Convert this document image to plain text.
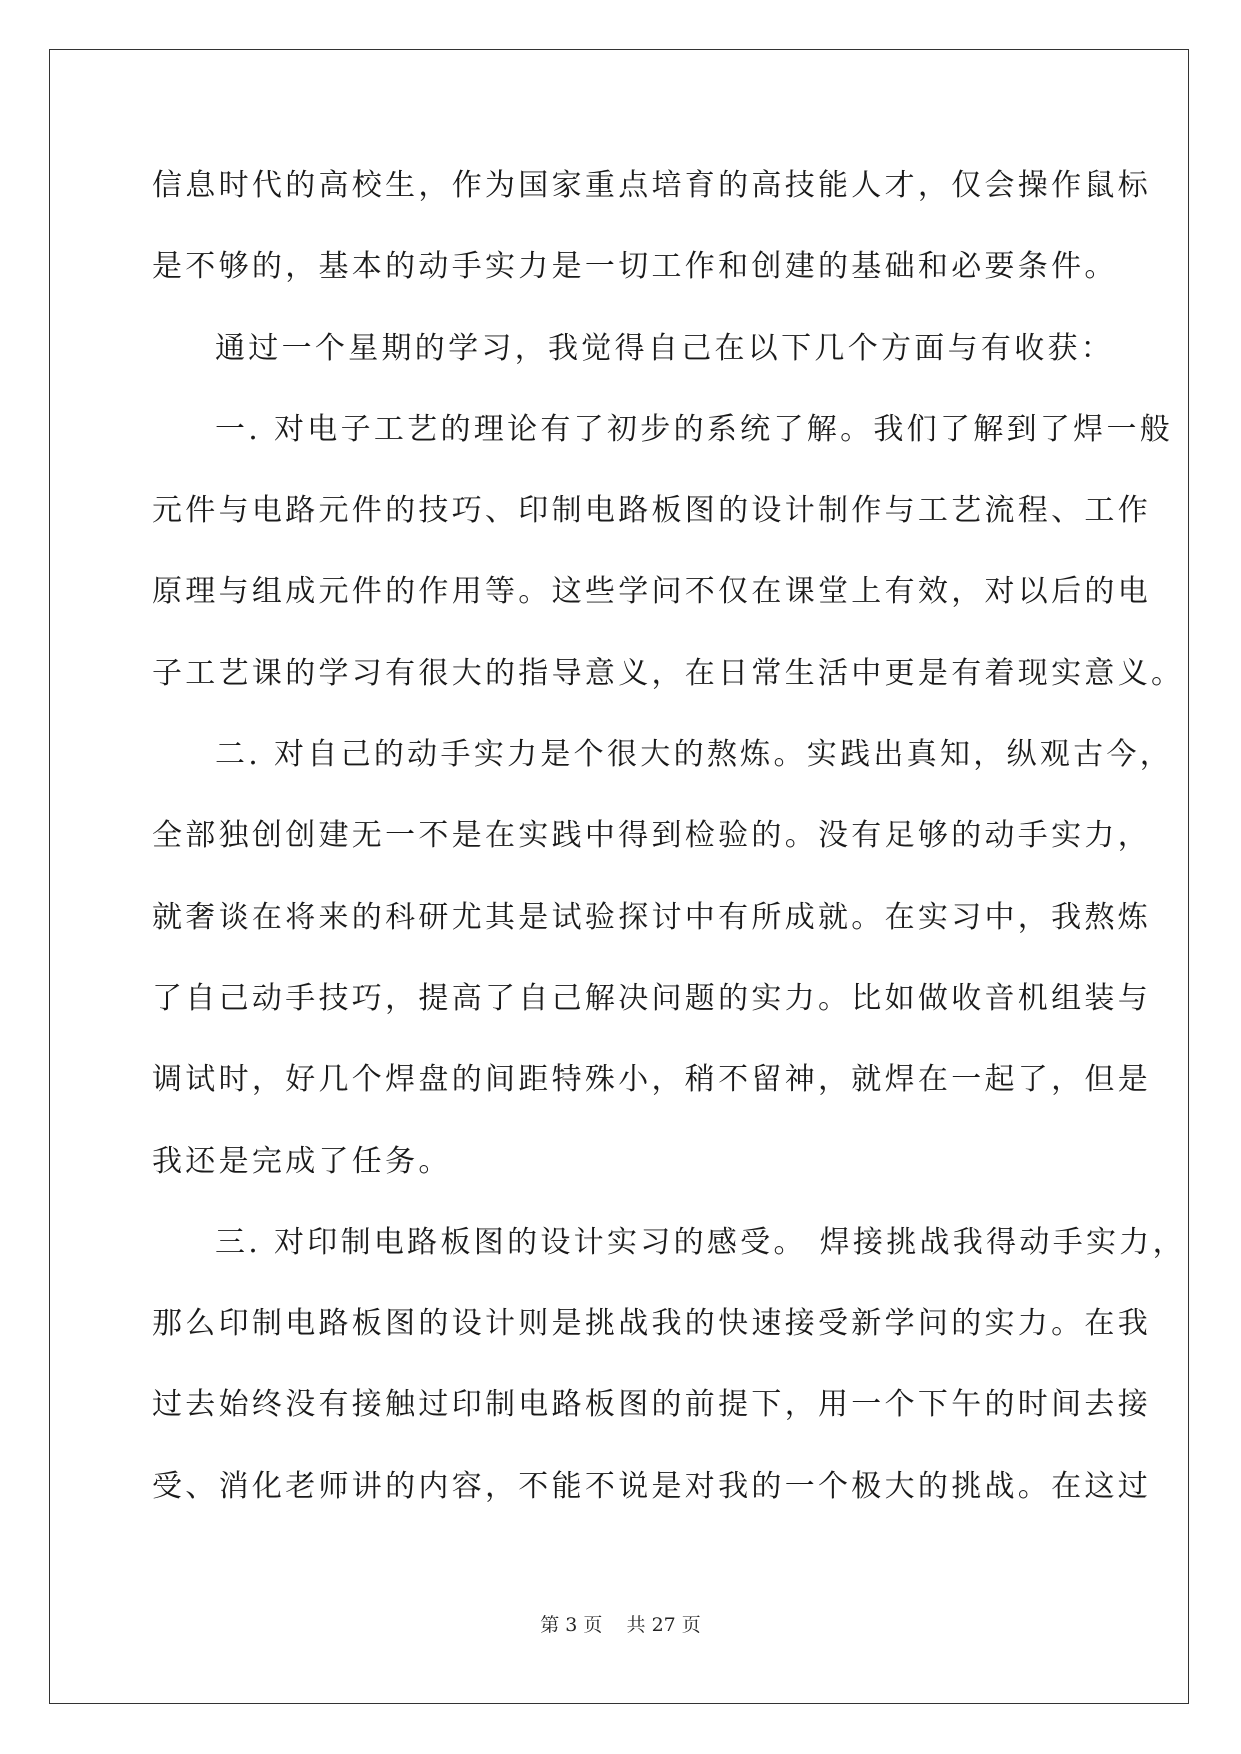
信息时代的高校生，作为国家重点培育的高技能人才，仅会操作鼠标
是不够的，基本的动手实力是一切工作和创建的基础和必要条件。
通过一个星期的学习，我觉得自己在以下几个方面与有收获：
一. 对电子工艺的理论有了初步的系统了解。我们了解到了焊一般
元件与电路元件的技巧、印制电路板图的设计制作与工艺流程、工作
原理与组成元件的作用等。这些学问不仅在课堂上有效，对以后的电
子工艺课的学习有很大的指导意义，在日常生活中更是有着现实意义。
二. 对自己的动手实力是个很大的熬炼。实践出真知，纵观古今，
全部独创创建无一不是在实践中得到检验的。没有足够的动手实力，
就奢谈在将来的科研尤其是试验探讨中有所成就。在实习中，我熬炼
了自己动手技巧，提高了自己解决问题的实力。比如做收音机组装与
调试时，好几个焊盘的间距特殊小，稍不留神，就焊在一起了，但是
我还是完成了任务。
三. 对印制电路板图的设计实习的感受。 焊接挑战我得动手实力，
那么印制电路板图的设计则是挑战我的快速接受新学问的实力。在我
过去始终没有接触过印制电路板图的前提下，用一个下午的时间去接
受、消化老师讲的内容，不能不说是对我的一个极大的挑战。在这过
第 3 页 共 27 页
